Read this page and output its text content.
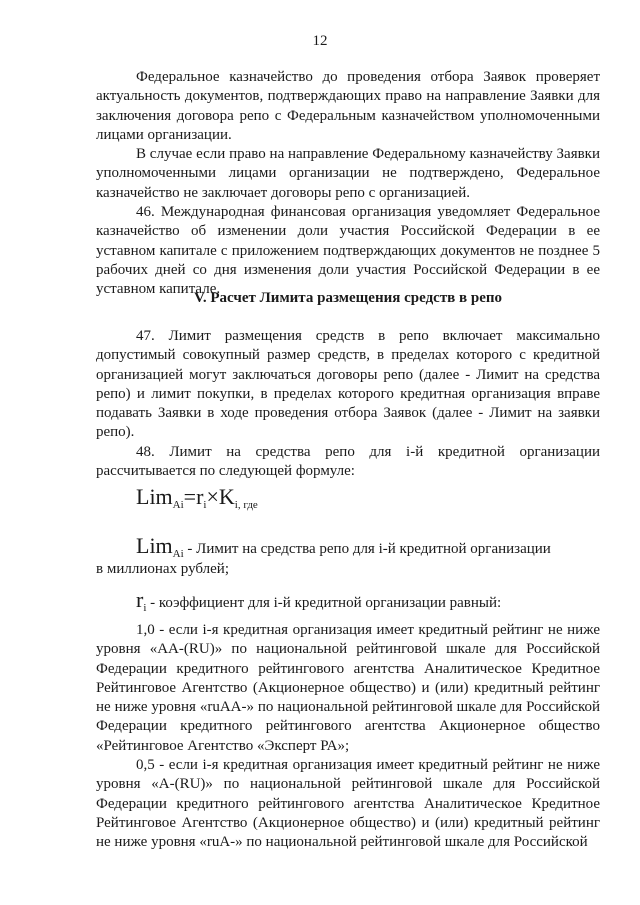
12

Федеральное казначейство до проведения отбора Заявок проверяет актуальность документов, подтверждающих право на направление Заявки для заключения договора репо с Федеральным казначейством уполномоченными лицами организации.

В случае если право на направление Федеральному казначейству Заявки уполномоченными лицами организации не подтверждено, Федеральное казначейство не заключает договоры репо с организацией.

46. Международная финансовая организация уведомляет Федеральное казначейство об изменении доли участия Российской Федерации в ее уставном капитале с приложением подтверждающих документов не позднее 5 рабочих дней со дня изменения доли участия Российской Федерации в ее уставном капитале.

V. Расчет Лимита размещения средств в репо

47. Лимит размещения средств в репо включает максимально допустимый совокупный размер средств, в пределах которого с кредитной организацией могут заключаться договоры репо (далее - Лимит на средства репо) и лимит покупки, в пределах которого кредитная организация вправе подавать Заявки в ходе проведения отбора Заявок (далее - Лимит на заявки репо).

48. Лимит на средства репо для i-й кредитной организации рассчитывается по следующей формуле:

$Lim_{Ai}=r_i\times K_{i, где}$
Lim$_{Ai}$ - Лимит на средства репо для i-й кредитной организации
в миллионах рублей;
$r_i$ - коэффициент для i-й кредитной организации равный:

1,0 - если i-я кредитная организация имеет кредитный рейтинг не ниже уровня «АА-(RU)» по национальной рейтинговой шкале для Российской Федерации кредитного рейтингового агентства Аналитическое Кредитное Рейтинговое Агентство (Акционерное общество) и (или) кредитный рейтинг не ниже уровня «ruAA-» по национальной рейтинговой шкале для Российской Федерации кредитного рейтингового агентства Акционерное общество «Рейтинговое Агентство «Эксперт РА»;

0,5 - если i-я кредитная организация имеет кредитный рейтинг не ниже уровня «A-(RU)» по национальной рейтинговой шкале для Российской Федерации кредитного рейтингового агентства Аналитическое Кредитное Рейтинговое Агентство (Акционерное общество) и (или) кредитный рейтинг не ниже уровня «ruA-» по национальной рейтинговой шкале для Российской
